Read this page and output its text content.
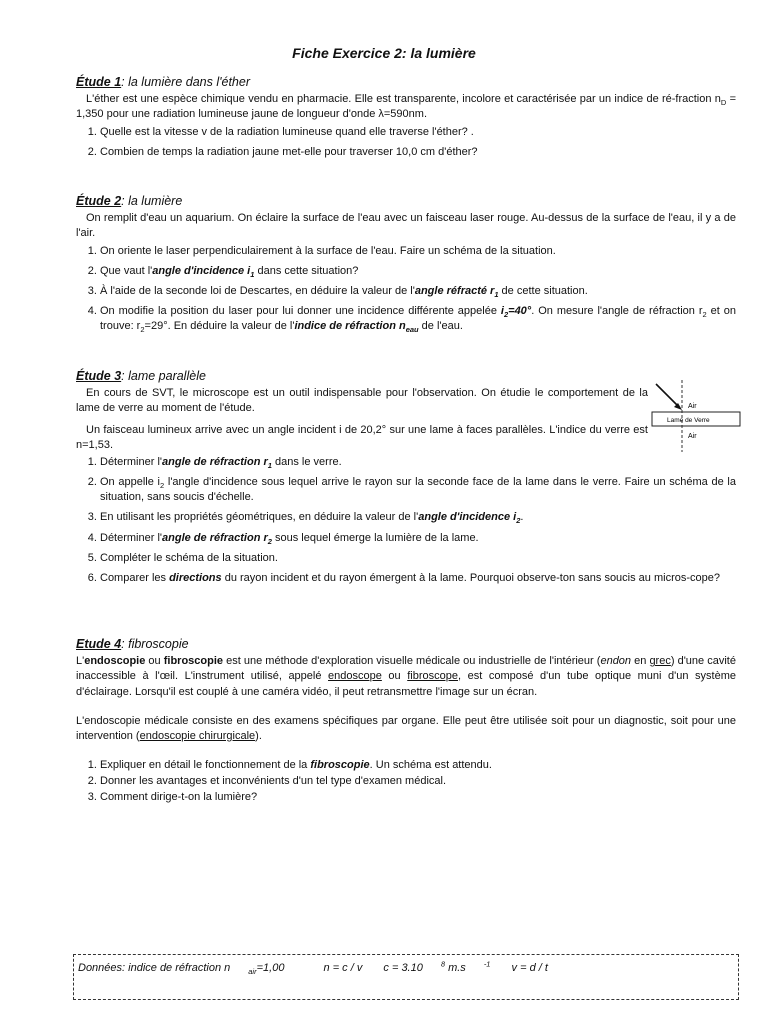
Fiche Exercice 2: la lumière
Étude 1: la lumière dans l'éther
L'éther est une espèce chimique vendu en pharmacie. Elle est transparente, incolore et caractérisée par un indice de ré-fraction $n_D = 1,350$ pour une radiation lumineuse jaune de longueur d'onde λ=590nm.
1. Quelle est la vitesse v de la radiation lumineuse quand elle traverse l'éther? .
2. Combien de temps la radiation jaune met-elle pour traverser 10,0 cm d'éther?
Étude 2: la lumière
On remplit d'eau un aquarium. On éclaire la surface de l'eau avec un faisceau laser rouge. Au-dessus de la surface de l'eau, il y a de l'air.
1. On oriente le laser perpendiculairement à la surface de l'eau. Faire un schéma de la situation.
2. Que vaut l'angle d'incidence $i_1$ dans cette situation?
3. À l'aide de la seconde loi de Descartes, en déduire la valeur de l'angle réfracté $r_1$ de cette situation.
4. On modifie la position du laser pour lui donner une incidence différente appelée $i_2=40^\circ$. On mesure l'angle de réfraction $r_2$ et on trouve: $r_2=29^\circ$. En déduire la valeur de l'indice de réfraction $n_{eau}$ de l'eau.
Étude 3: lame parallèle
En cours de SVT, le microscope est un outil indispensable pour l'observation. On étudie le comportement de la lame de verre au moment de l'étude.
Un faisceau lumineux arrive avec un angle incident i de 20,2° sur une lame à faces parallèles. L'indice du verre est n=1,53.
1. Déterminer l'angle de réfraction $r_1$ dans le verre.
2. On appelle $i_2$ l'angle d'incidence sous lequel arrive le rayon sur la seconde face de la lame dans le verre. Faire un schéma de la situation, sans soucis d'échelle.
3. En utilisant les propriétés géométriques, en déduire la valeur de l'angle d'incidence $i_2$.
4. Déterminer l'angle de réfraction $r_2$ sous lequel émerge la lumière de la lame.
5. Compléter le schéma de la situation.
6. Comparer les directions du rayon incident et du rayon émergent à la lame. Pourquoi observe-ton sans soucis au micros-cope?
Air
Lame de Verre
Air
Etude 4: fibroscopie
L'endoscopie ou fibroscopie est une méthode d'exploration visuelle médicale ou industrielle de l'intérieur (endon en grec) d'une cavité inaccessible à l'œil. L'instrument utilisé, appelé endoscope ou fibroscope, est composé d'un tube optique muni d'un système d'éclairage. Lorsqu'il est couplé à une caméra vidéo, il peut retransmettre l'image sur un écran.
L'endoscopie médicale consiste en des examens spécifiques par organe. Elle peut être utilisée soit pour un diagnostic, soit pour une intervention (endoscopie chirurgicale).
1. Expliquer en détail le fonctionnement de la fibroscopie. Un schéma est attendu.
2. Donner les avantages et inconvénients d'un tel type d'examen médical.
3. Comment dirige-t-on la lumière?
Données: indice de réfraction n $_{air}$=1,00	n = c / v c = 3.10 $^8$ m.s $^{-1}$ v = d / t
